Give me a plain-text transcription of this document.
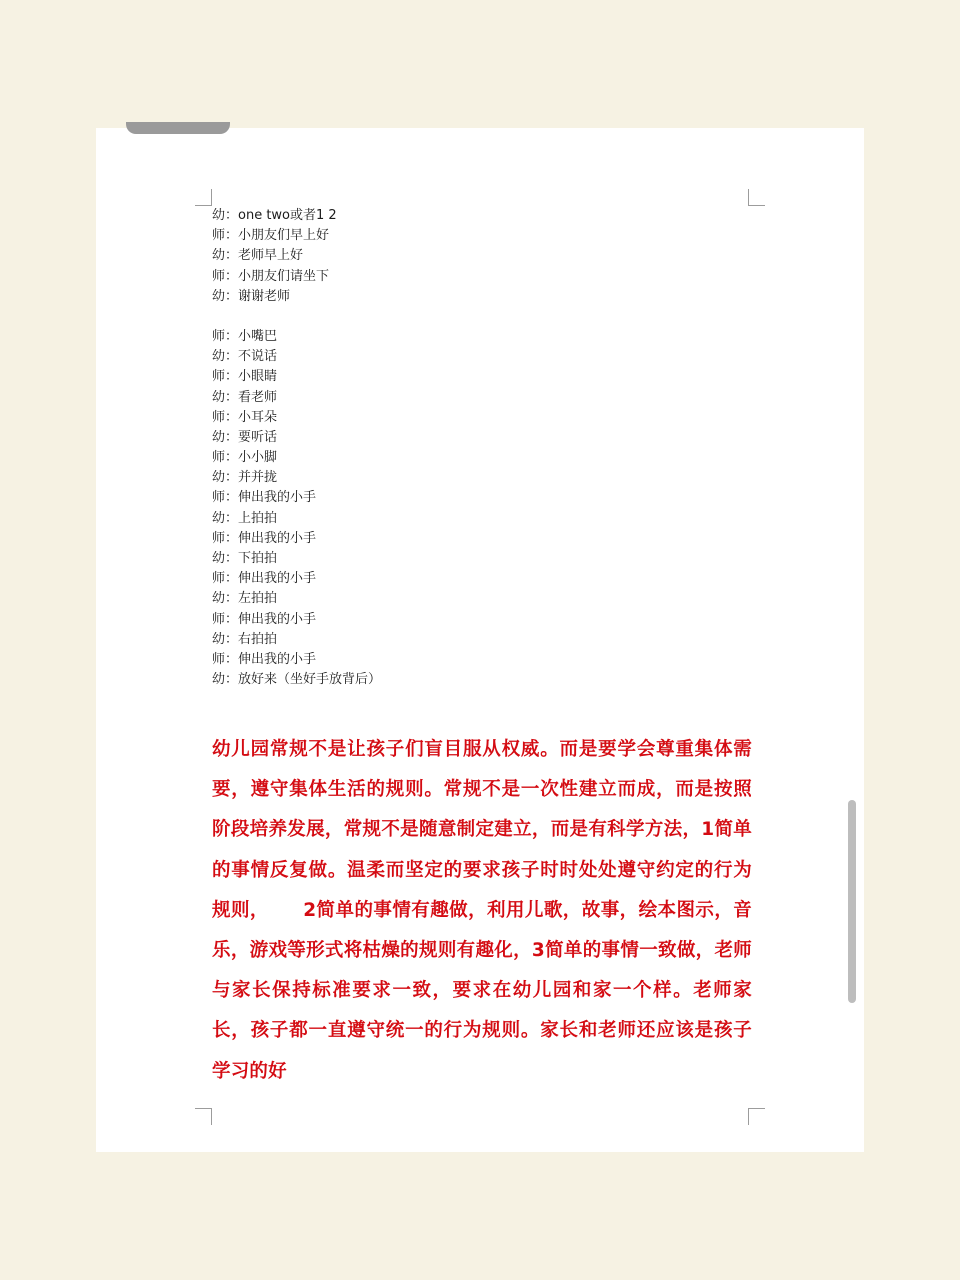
幼：one two或者1 2
师：小朋友们早上好
幼：老师早上好
师：小朋友们请坐下
幼：谢谢老师
师：小嘴巴
幼：不说话
师：小眼睛
幼：看老师
师：小耳朵
幼：要听话
师：小小脚
幼：并并拢
师：伸出我的小手
幼：上拍拍
师：伸出我的小手
幼：下拍拍
师：伸出我的小手
幼：左拍拍
师：伸出我的小手
幼：右拍拍
师：伸出我的小手
幼：放好来（坐好手放背后）
幼儿园常规不是让孩子们盲目服从权威。而是要学会尊重集体需要，遵守集体生活的规则。常规不是一次性建立而成，而是按照阶段培养发展，常规不是随意制定建立，而是有科学方法，1简单的事情反复做。温柔而坚定的要求孩子时时处处遵守约定的行为规则，     2简单的事情有趣做，利用儿歌，故事，绘本图示，音乐，游戏等形式将枯燥的规则有趣化，3简单的事情一致做，老师与家长保持标准要求一致，要求在幼儿园和家一个样。老师家长，孩子都一直遵守统一的行为规则。家长和老师还应该是孩子学习的好
